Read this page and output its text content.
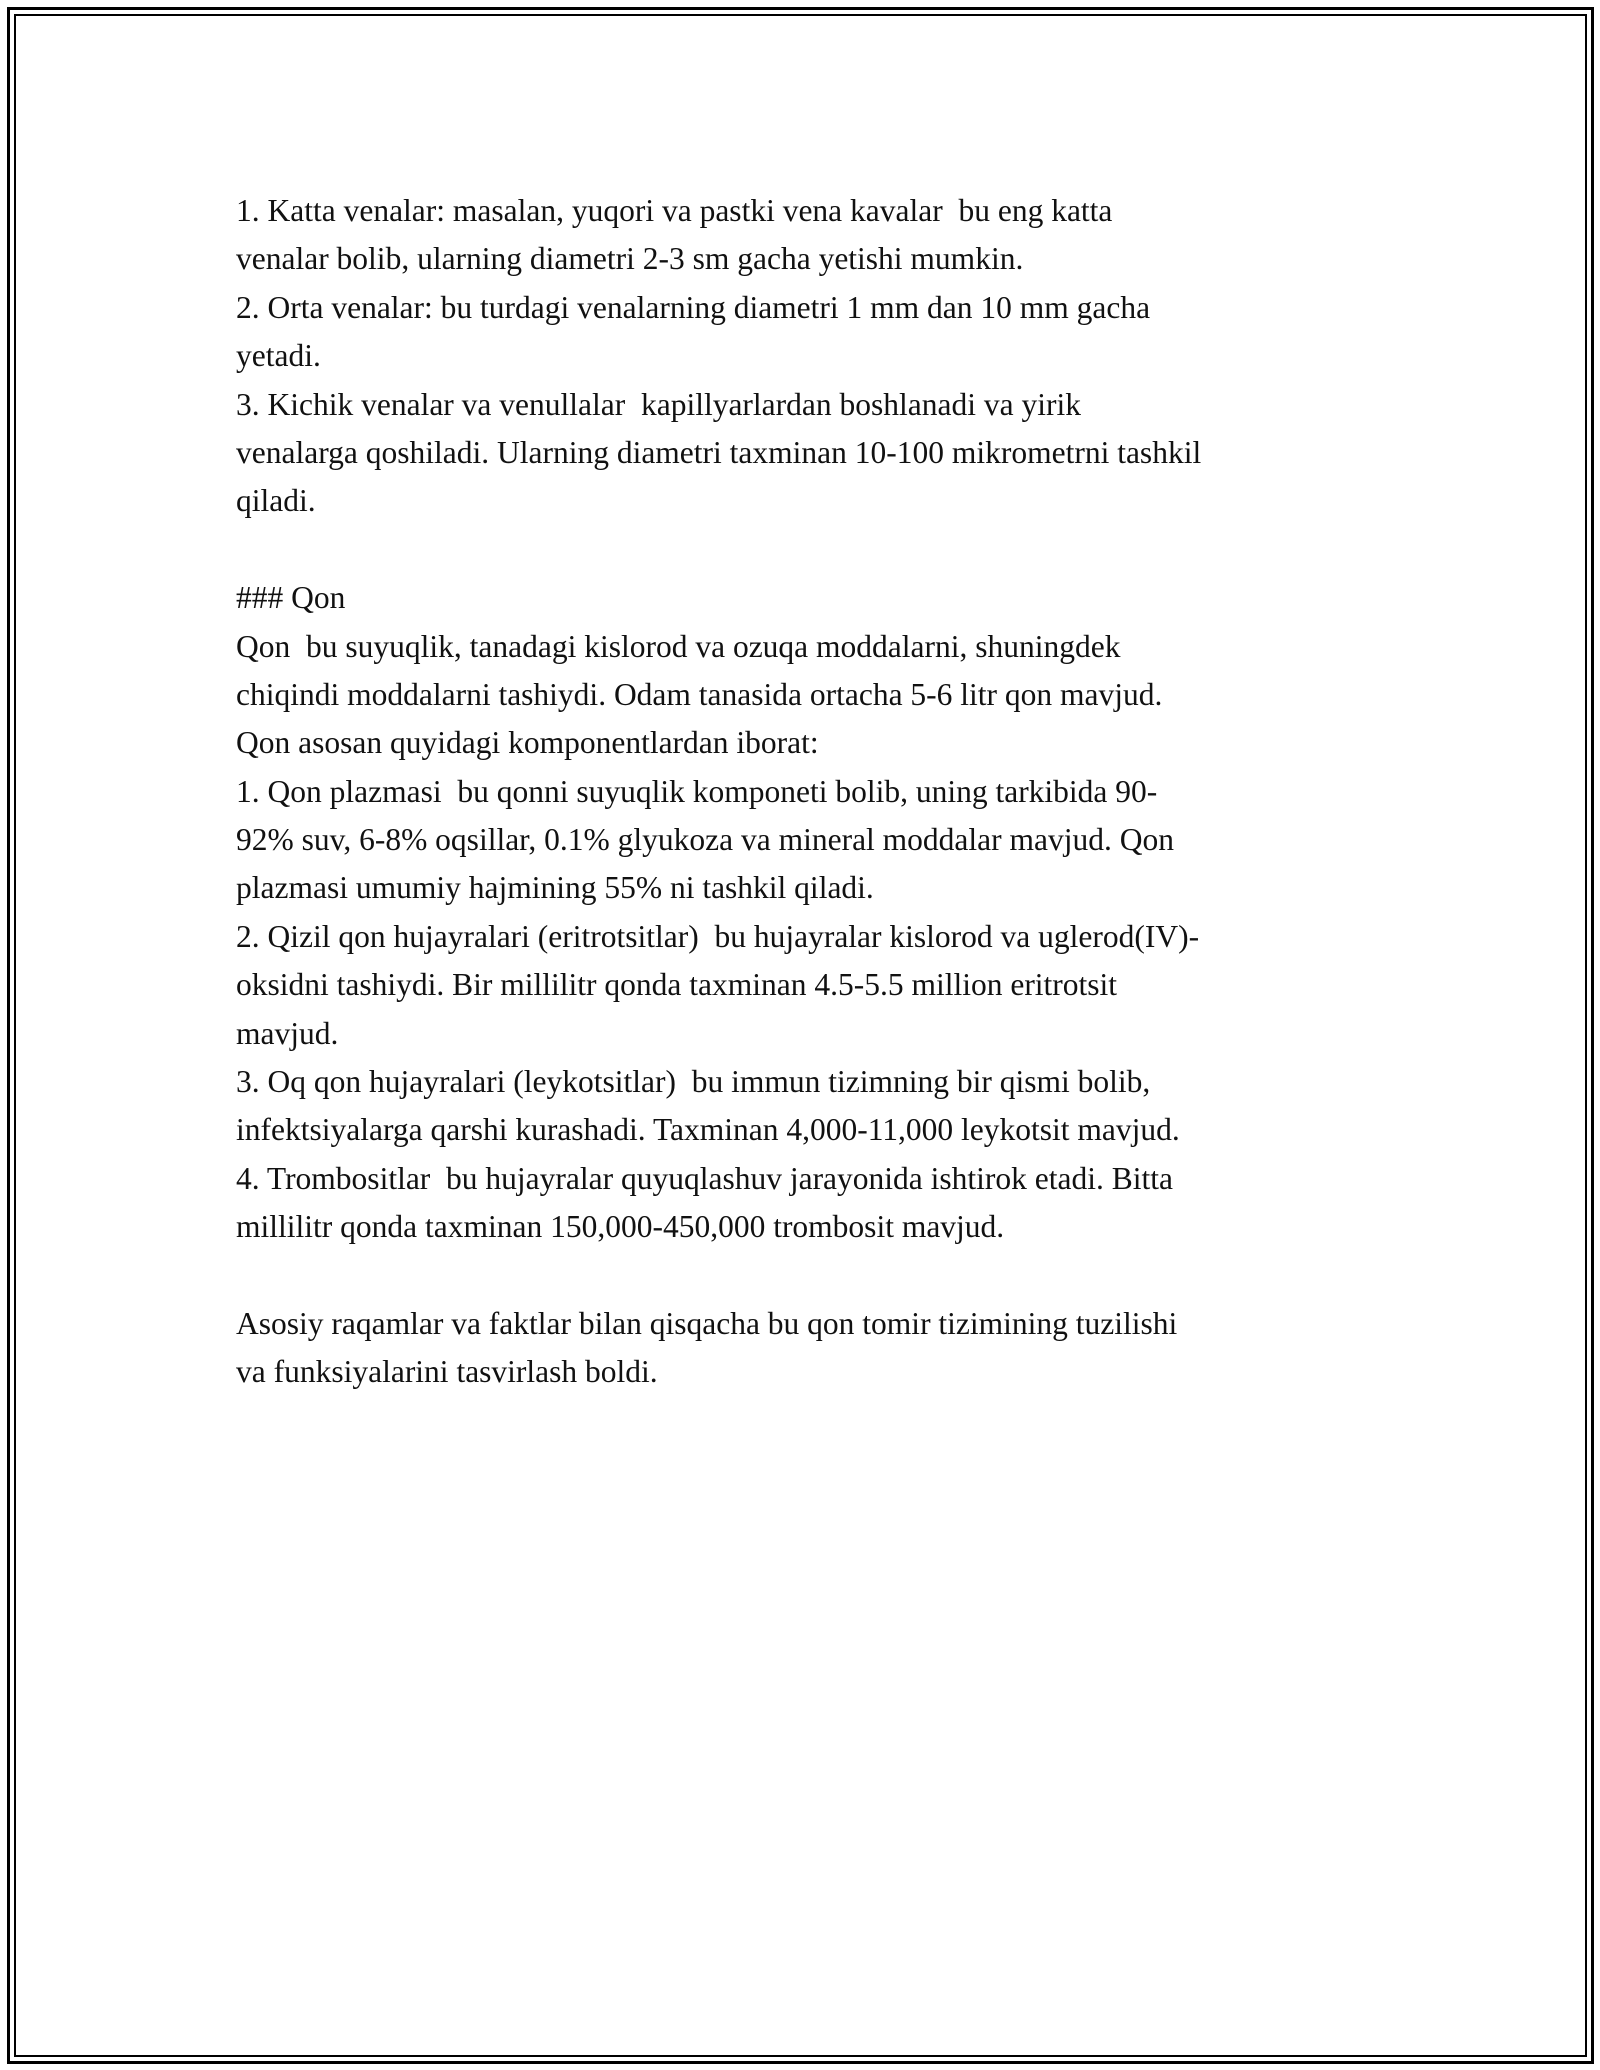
1. Katta venalar: masalan, yuqori va pastki vena kavalar  bu eng katta
venalar bolib, ularning diametri 2-3 sm gacha yetishi mumkin.
2. Orta venalar: bu turdagi venalarning diametri 1 mm dan 10 mm gacha
yetadi.
3. Kichik venalar va venullalar  kapillyarlardan boshlanadi va yirik
venalarga qoshiladi. Ularning diametri taxminan 10-100 mikrometrni tashkil
qiladi.
### Qon
Qon  bu suyuqlik, tanadagi kislorod va ozuqa moddalarni, shuningdek
chiqindi moddalarni tashiydi. Odam tanasida ortacha 5-6 litr qon mavjud.
Qon asosan quyidagi komponentlardan iborat:
1. Qon plazmasi  bu qonni suyuqlik komponeti bolib, uning tarkibida 90-
92% suv, 6-8% oqsillar, 0.1% glyukoza va mineral moddalar mavjud. Qon
plazmasi umumiy hajmining 55% ni tashkil qiladi.
2. Qizil qon hujayralari (eritrotsitlar)  bu hujayralar kislorod va uglerod(IV)-
oksidni tashiydi. Bir millilitr qonda taxminan 4.5-5.5 million eritrotsit
mavjud.
3. Oq qon hujayralari (leykotsitlar)  bu immun tizimning bir qismi bolib,
infektsiyalarga qarshi kurashadi. Taxminan 4,000-11,000 leykotsit mavjud.
4. Trombositlar  bu hujayralar quyuqlashuv jarayonida ishtirok etadi. Bitta
millilitr qonda taxminan 150,000-450,000 trombosit mavjud.
Asosiy raqamlar va faktlar bilan qisqacha bu qon tomir tizimining tuzilishi
va funksiyalarini tasvirlash boldi.
